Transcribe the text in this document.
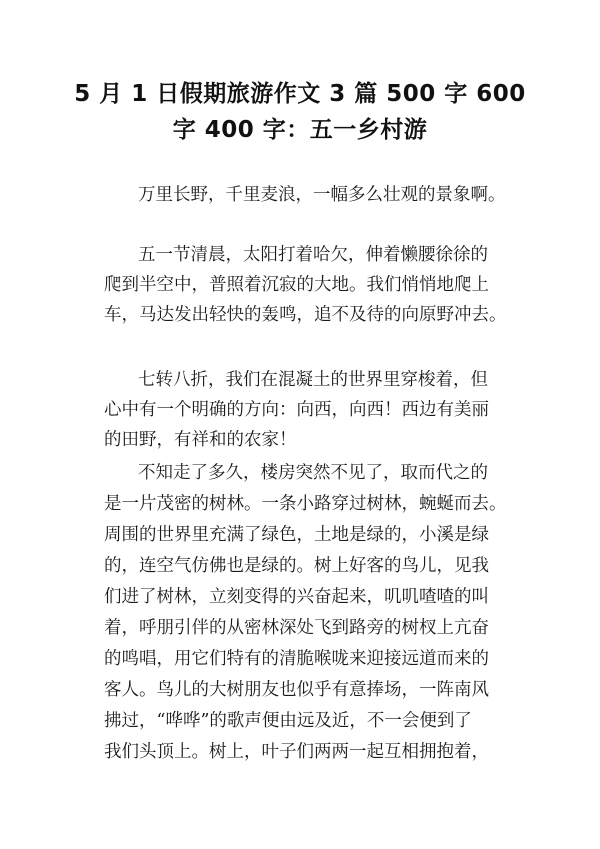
5 月 1 日假期旅游作文 3 篇 500 字 600
字 400 字：五一乡村游
万里长野，千里麦浪，一幅多么壮观的景象啊。
五一节清晨，太阳打着哈欠，伸着懒腰徐徐的
爬到半空中，普照着沉寂的大地。我们悄悄地爬上
车，马达发出轻快的轰鸣，追不及待的向原野冲去。
七转八折，我们在混凝土的世界里穿梭着，但
心中有一个明确的方向：向西，向西！西边有美丽
的田野，有祥和的农家！
不知走了多久，楼房突然不见了，取而代之的
是一片茂密的树林。一条小路穿过树林，蜿蜒而去。
周围的世界里充满了绿色，土地是绿的，小溪是绿
的，连空气仿佛也是绿的。树上好客的鸟儿，见我
们进了树林，立刻变得的兴奋起来，叽叽喳喳的叫
着，呼朋引伴的从密林深处飞到路旁的树杈上亢奋
的鸣唱，用它们特有的清脆喉咙来迎接远道而来的
客人。鸟儿的大树朋友也似乎有意捧场，一阵南风
拂过，“哗哗”的歌声便由远及近，不一会便到了
我们头顶上。树上，叶子们两两一起互相拥抱着，
